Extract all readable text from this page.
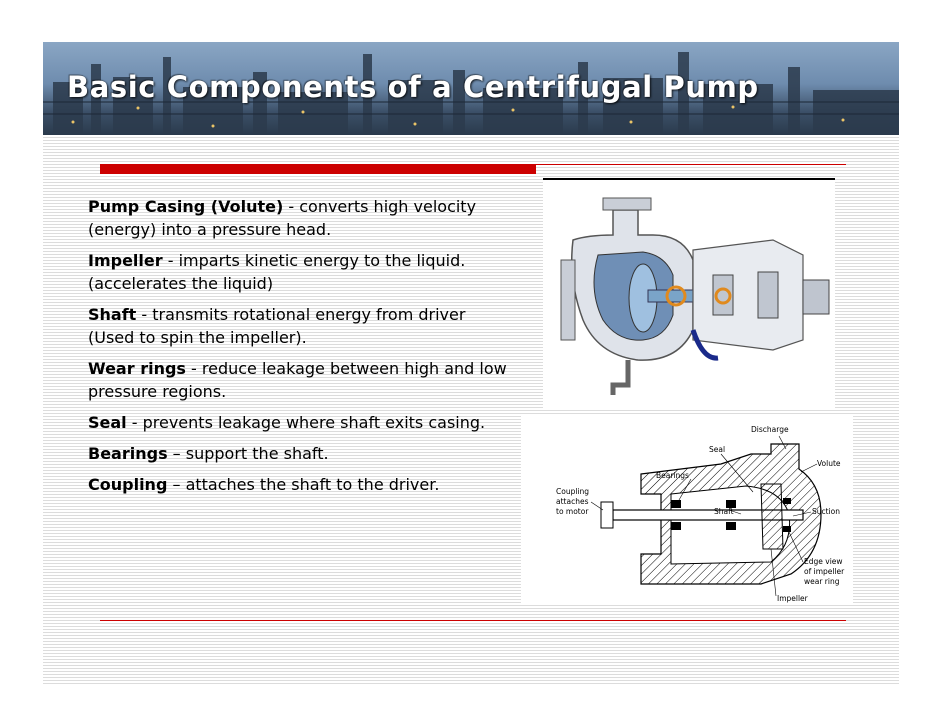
Basic Components of a Centrifugal Pump

Pump Casing (Volute) - converts high velocity (energy) into a pressure head.

Impeller - imparts kinetic energy to the liquid. (accelerates the liquid)

Shaft - transmits rotational energy from driver (Used to spin the impeller).

Wear rings - reduce leakage between high and low pressure regions.

Seal - prevents leakage where shaft exits casing.

Bearings – support the shaft.

Coupling – attaches the shaft to the driver.

Discharge
Seal
Volute
Bearings
Coupling
attaches
to motor	Shaft	Suction
Edge view
of impeller
wear ring
Impeller
